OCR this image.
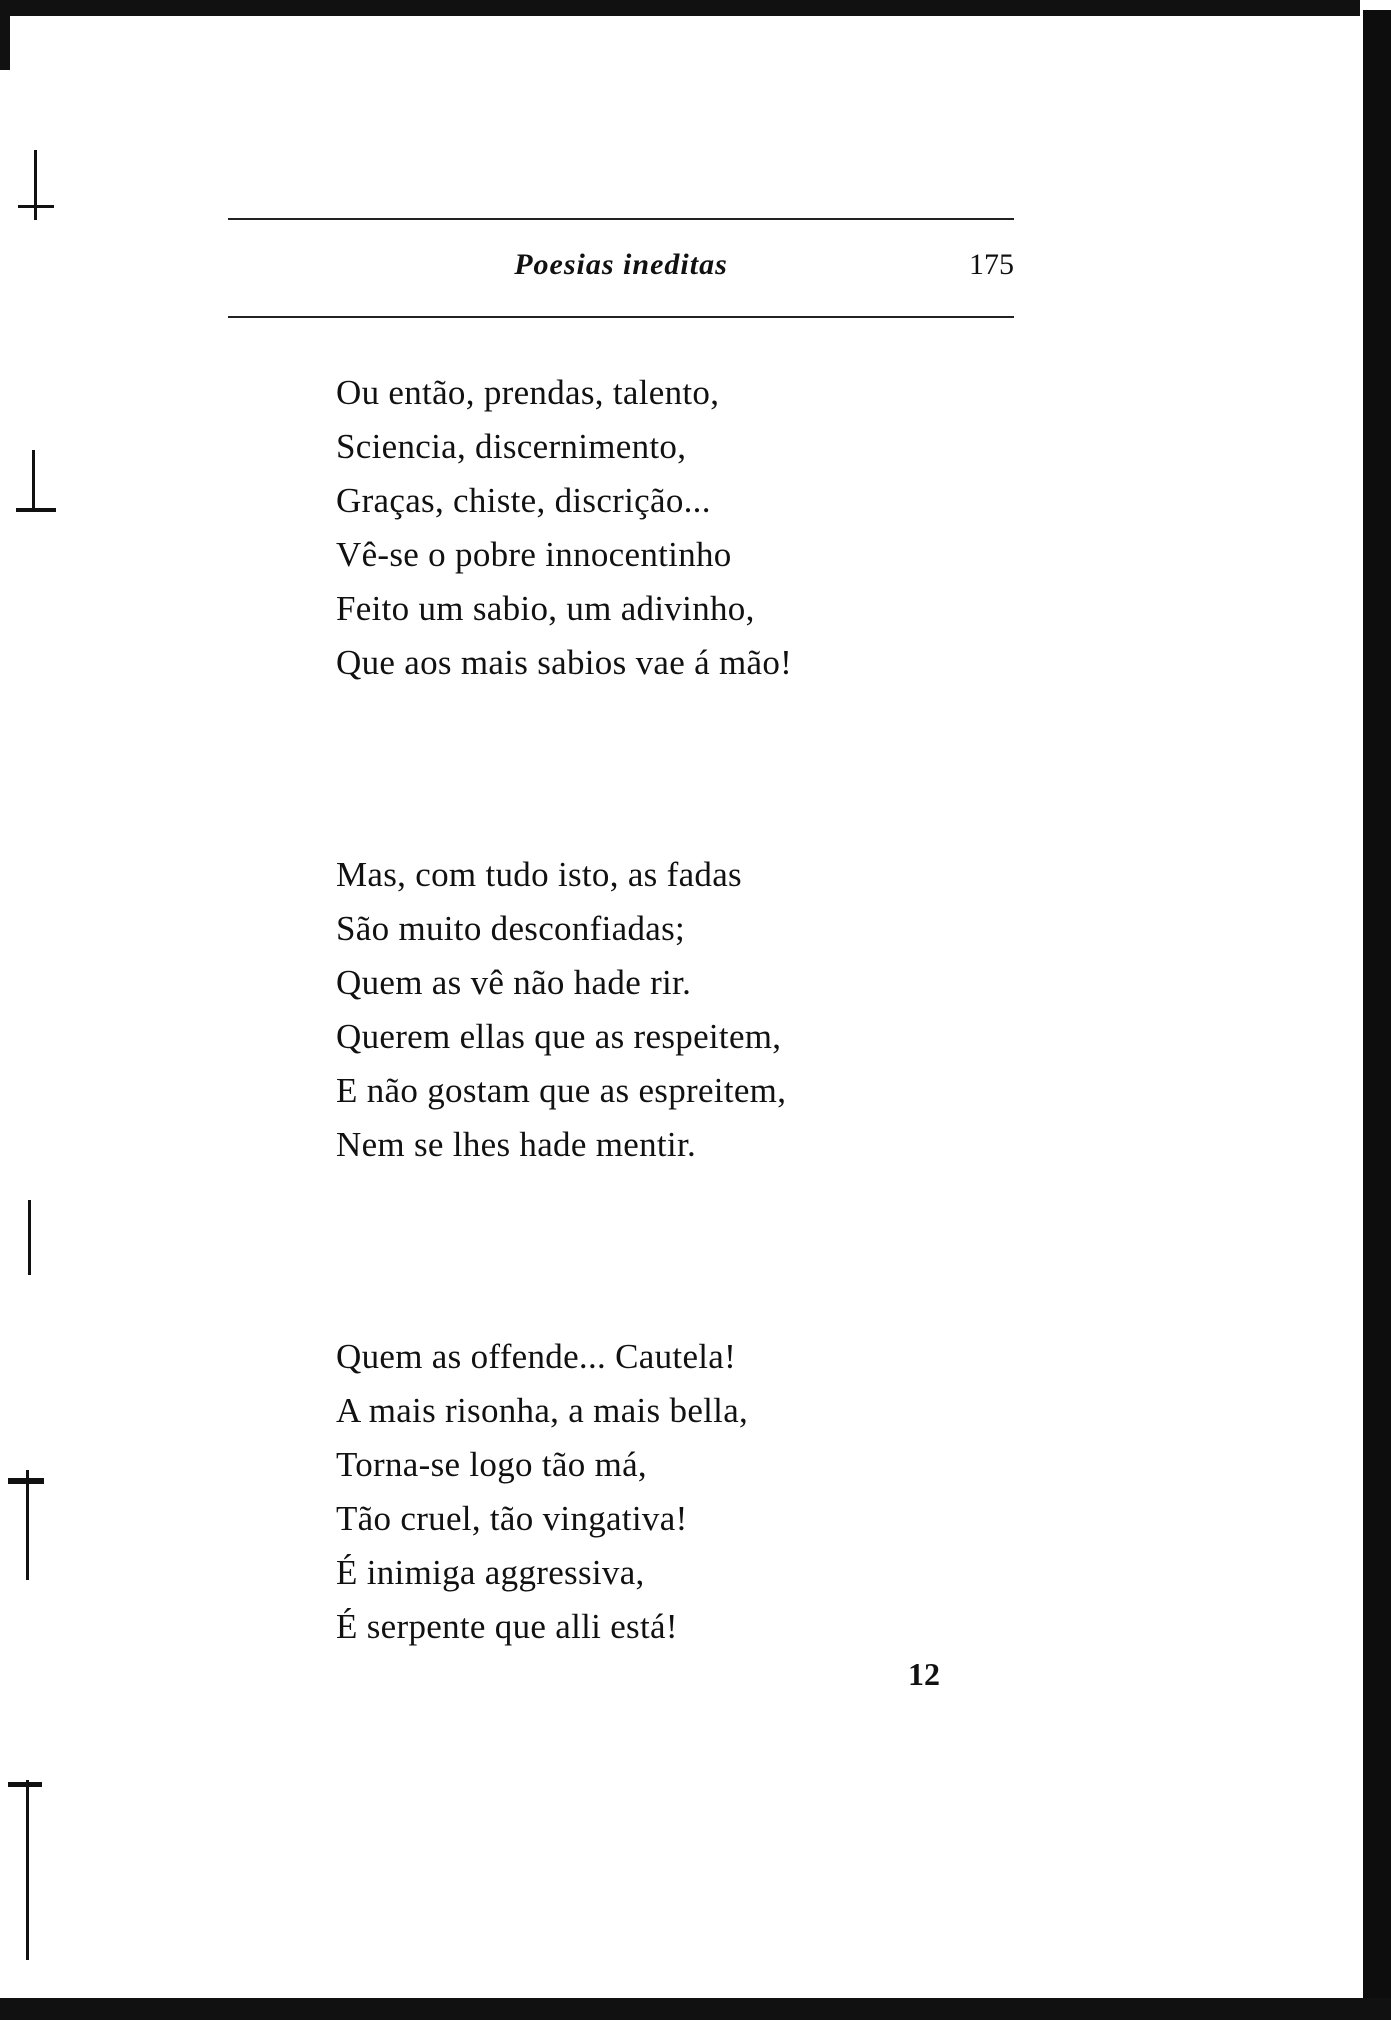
Poesias ineditas	175
Ou então, prendas, talento,
Sciencia, discernimento,
Graças, chiste, discrição...
Vê-se o pobre innocentinho
Feito um sabio, um adivinho,
Que aos mais sabios vae á mão!
Mas, com tudo isto, as fadas
São muito desconfiadas;
Quem as vê não hade rir.
Querem ellas que as respeitem,
E não gostam que as espreitem,
Nem se lhes hade mentir.
Quem as offende... Cautela!
A mais risonha, a mais bella,
Torna-se logo tão má,
Tão cruel, tão vingativa!
É inimiga aggressiva,
É serpente que alli está!
12
